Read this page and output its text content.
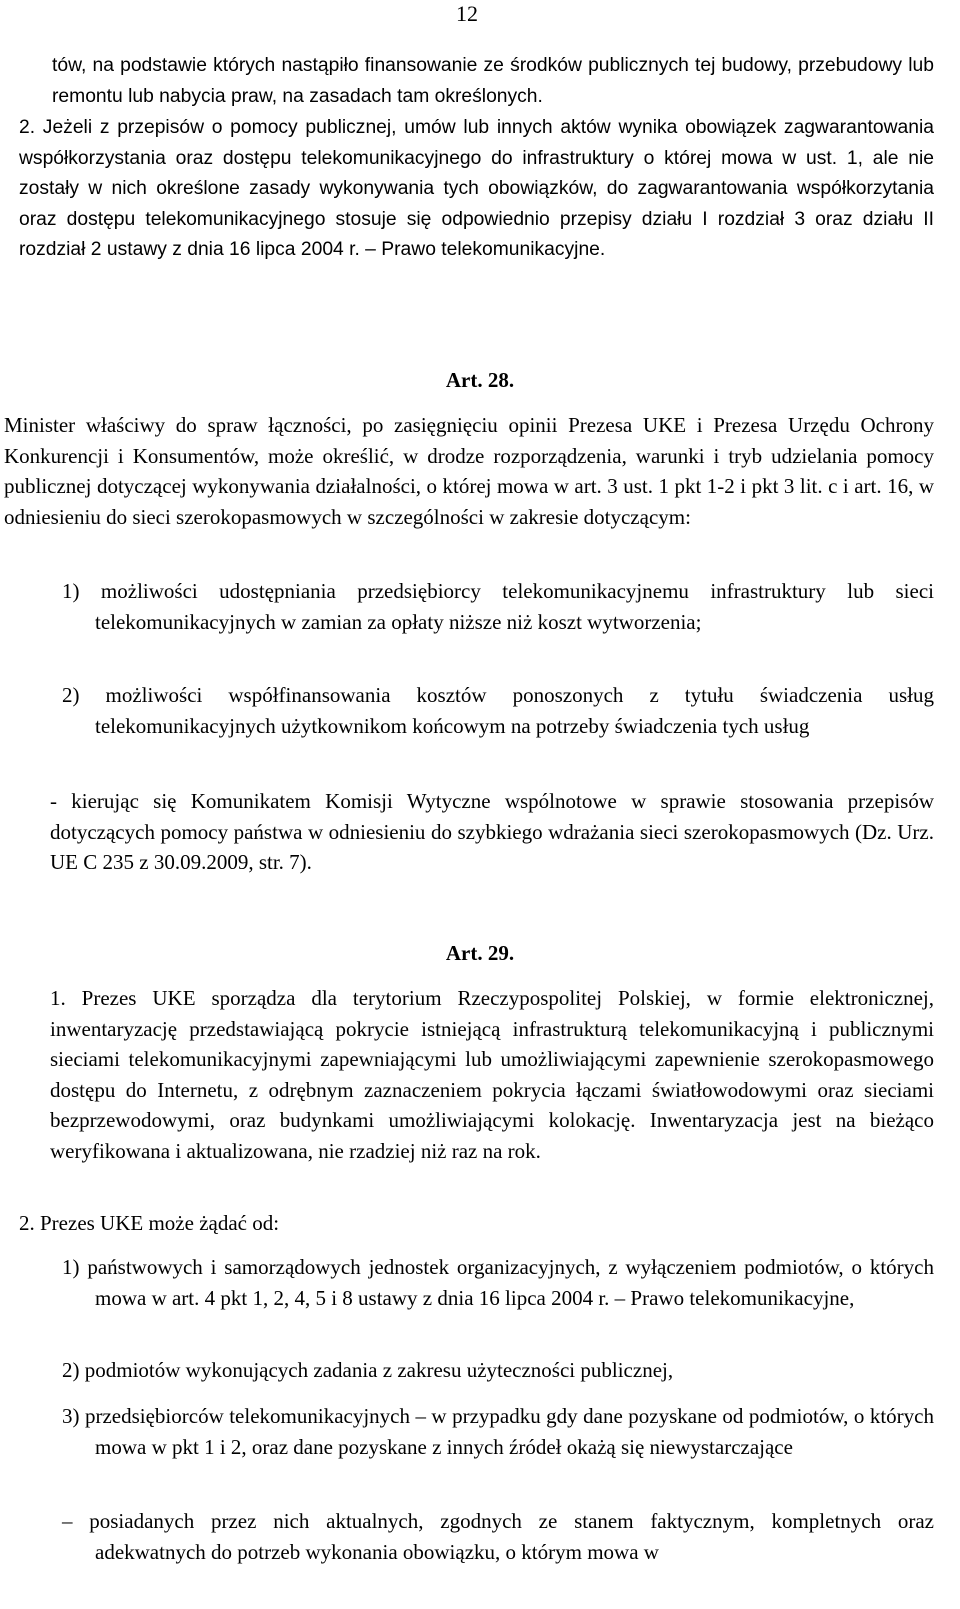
12

tów, na podstawie których nastąpiło finansowanie ze środków publicznych tej budowy, przebudowy lub remontu lub nabycia praw, na zasadach tam określonych.

2. Jeżeli z przepisów o pomocy publicznej, umów lub innych aktów wynika obowiązek zagwarantowania współkorzystania oraz dostępu telekomunikacyjnego do infrastruktury o której mowa w ust. 1, ale nie zostały w nich określone zasady wykonywania tych obowiązków, do zagwarantowania współkorzytania oraz dostępu telekomunikacyjnego stosuje się odpowiednio przepisy działu I rozdział 3 oraz działu II rozdział 2 ustawy z dnia 16 lipca 2004 r. – Prawo telekomunikacyjne.

Art. 28.

Minister właściwy do spraw łączności, po zasięgnięciu opinii Prezesa UKE i Prezesa Urzędu Ochrony Konkurencji i Konsumentów, może określić, w drodze rozporządzenia, warunki i tryb udzielania pomocy publicznej dotyczącej wykonywania działalności, o której mowa w art. 3 ust. 1 pkt 1-2 i pkt 3 lit. c i art. 16, w odniesieniu do sieci szerokopasmowych w szczególności w zakresie dotyczącym:

1) możliwości udostępniania przedsiębiorcy telekomunikacyjnemu infrastruktury lub sieci telekomunikacyjnych w zamian za opłaty niższe niż koszt wytworzenia;

2) możliwości współfinansowania kosztów ponoszonych z tytułu świadczenia usług telekomunikacyjnych użytkownikom końcowym na potrzeby świadczenia tych usług

- kierując się Komunikatem Komisji Wytyczne wspólnotowe w sprawie stosowania przepisów dotyczących pomocy państwa w odniesieniu do szybkiego wdrażania sieci szerokopasmowych (Dz. Urz. UE C 235 z 30.09.2009, str. 7).

Art. 29.

1. Prezes UKE sporządza dla terytorium Rzeczypospolitej Polskiej, w formie elektronicznej, inwentaryzację przedstawiającą pokrycie istniejącą infrastrukturą telekomunikacyjną i publicznymi sieciami telekomunikacyjnymi zapewniającymi lub umożliwiającymi zapewnienie szerokopasmowego dostępu do Internetu, z odrębnym zaznaczeniem pokrycia łączami światłowodowymi oraz sieciami bezprzewodowymi, oraz budynkami umożliwiającymi kolokację. Inwentaryzacja jest na bieżąco weryfikowana i aktualizowana, nie rzadziej niż raz na rok.

2. Prezes UKE może żądać od:

1) państwowych i samorządowych jednostek organizacyjnych, z wyłączeniem podmiotów, o których mowa w art. 4 pkt 1, 2, 4, 5 i 8 ustawy z dnia 16 lipca 2004 r. – Prawo telekomunikacyjne,

2) podmiotów wykonujących zadania z zakresu użyteczności publicznej,

3) przedsiębiorców telekomunikacyjnych – w przypadku gdy dane pozyskane od podmiotów, o których mowa w pkt 1 i 2, oraz dane pozyskane z innych źródeł okażą się niewystarczające

– posiadanych przez nich aktualnych, zgodnych ze stanem faktycznym, kompletnych oraz adekwatnych do potrzeb wykonania obowiązku, o którym mowa w
